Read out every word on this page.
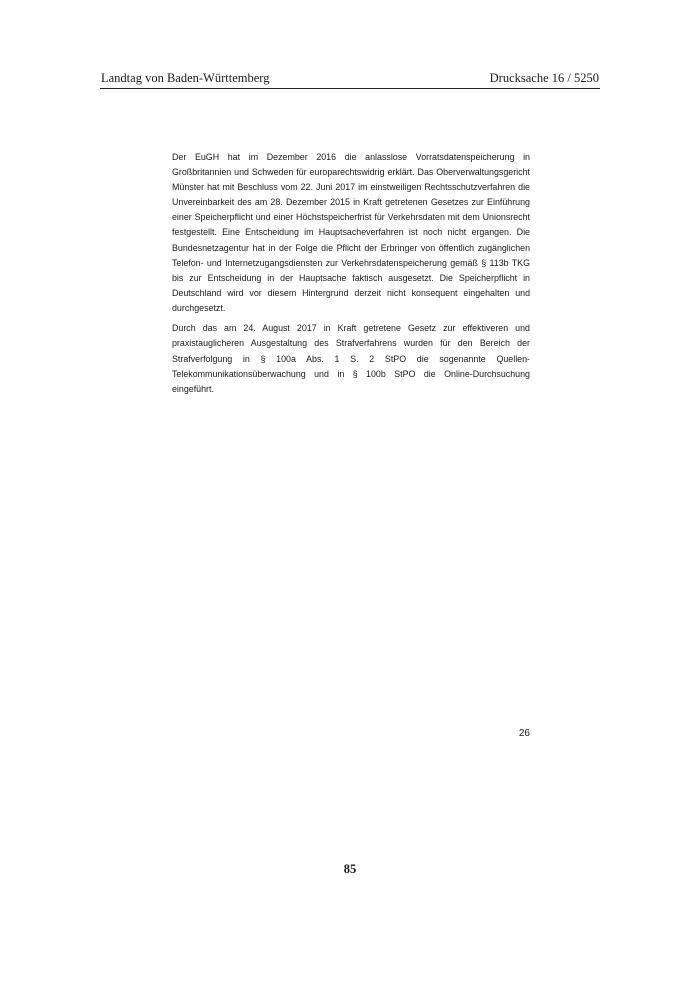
Landtag von Baden-Württemberg	Drucksache 16 / 5250

Der EuGH hat im Dezember 2016 die anlasslose Vorratsdatenspeicherung in Großbritannien und Schweden für europarechtswidrig erklärt. Das Oberverwaltungsgericht Münster hat mit Beschluss vom 22. Juni 2017 im einstweiligen Rechtsschutzverfahren die Unvereinbarkeit des am 28. Dezember 2015 in Kraft getretenen Gesetzes zur Einführung einer Speicherpflicht und einer Höchstspeicherfrist für Verkehrsdaten mit dem Unionsrecht festgestellt. Eine Entscheidung im Hauptsacheverfahren ist noch nicht ergangen. Die Bundesnetzagentur hat in der Folge die Pflicht der Erbringer von öffentlich zugänglichen Telefon- und Internetzugangsdiensten zur Verkehrsdatenspeicherung gemäß § 113b TKG bis zur Entscheidung in der Hauptsache faktisch ausgesetzt. Die Speicherpflicht in Deutschland wird vor diesem Hintergrund derzeit nicht konsequent eingehalten und durchgesetzt.

Durch das am 24. August 2017 in Kraft getretene Gesetz zur effektiveren und praxistauglicheren Ausgestaltung des Strafverfahrens wurden für den Bereich der Strafverfolgung in § 100a Abs. 1 S. 2 StPO die sogenannte Quellen-Telekommunikationsüberwachung und in § 100b StPO die Online-Durchsuchung eingeführt.

26
85
